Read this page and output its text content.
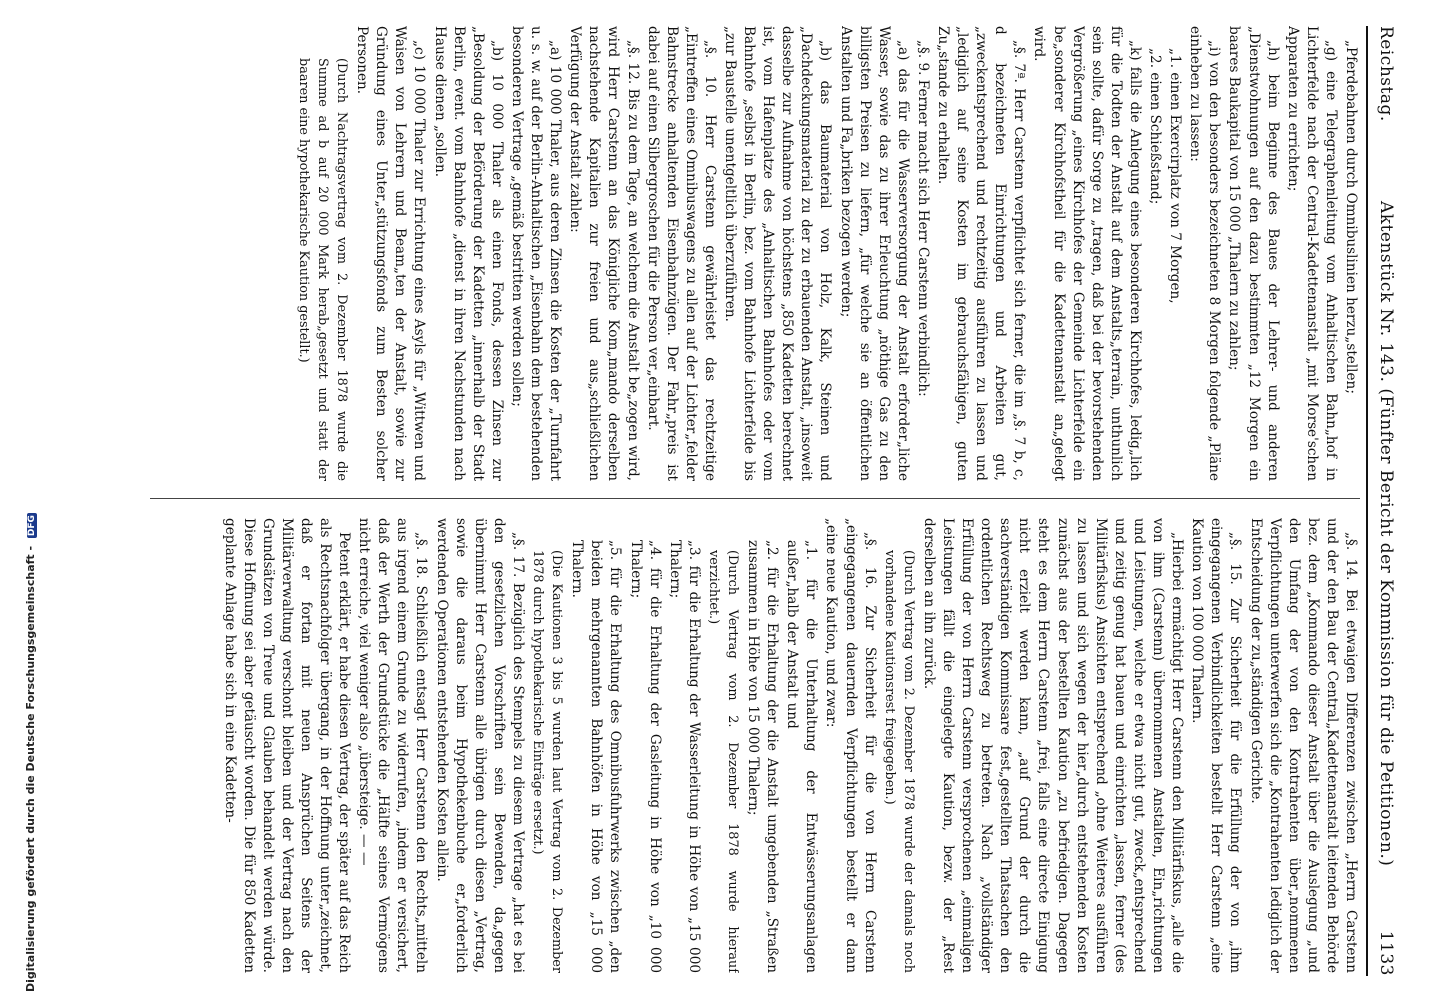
Reichstag.
Aktenstück Nr. 143. (Fünfter Bericht der Kommission für die Petitionen.)
1133

„Pferdebahnen durch Omnibuslinien herzu„stellen;

„g) eine Telegraphenleitung vom Anhaltischen Bahn„hof in Lichterfelde nach der Central-Kadettenanstalt „mit Morse'schen Apparaten zu errichten;

„h) beim Beginne des Baues der Lehrer- und anderen „Dienstwohnungen auf den dazu bestimmten „12 Morgen ein baares Baukapital von 15 000 „Thalern zu zahlen;

„i) von den besonders bezeichneten 8 Morgen folgende „Pläne einheben zu lassen:

„1. einen Exercirplatz von 7 Morgen,

„2. einen Schießstand;

„k) falls die Anlegung eines besonderen Kirchhofes, ledig„lich für die Todten der Anstalt auf dem Anstalts„terrain, unthunlich sein sollte, dafür Sorge zu „tragen, daß bei der bevorstehenden Vergrößerung „eines Kirchhofes der Gemeinde Lichterfelde ein be„sonderer Kirchhofstheil für die Kadettenanstalt an„gelegt wird.

„§. 7ª. Herr Carstenn verpflichtet sich ferner, die im „§. 7 b, c, d bezeichneten Einrichtungen und Arbeiten gut, „zweckentsprechend und rechtzeitig ausführen zu lassen und „lediglich auf seine Kosten im gebrauchsfähigen, guten Zu„stande zu erhalten.

„§. 9. Ferner macht sich Herr Carstenn verbindlich:

„a) das für die Wasserversorgung der Anstalt erforder„liche Wasser, sowie das zu ihrer Erleuchtung „nöthige Gas zu den billigsten Preisen zu liefern, „für welche sie an öffentlichen Anstalten und Fa„briken bezogen werden;

„b) das Baumaterial von Holz, Kalk, Steinen und „Dachdeckungsmaterial zu der zu erbauenden Anstalt, „insoweit dasselbe zur Aufnahme von höchstens „850 Kadetten berechnet ist, vom Hafenplatze des „Anhaltischen Bahnhofes oder vom Bahnhofe „selbst in Berlin, bez. vom Bahnhofe Lichterfelde bis „zur Baustelle unentgeltlich überzuführen.

„§. 10. Herr Carstenn gewährleistet das rechtzeitige „Eintreffen eines Omnibuswagens zu allen auf der Lichter„felder Bahnstrecke anhaltenden Eisenbahnzügen. Der Fahr„preis ist dabei auf einen Silbergroschen für die Person ver„einbart.

„§. 12. Bis zu dem Tage, an welchem die Anstalt be„zogen wird, wird Herr Carstenn an das Königliche Kom„mando derselben nachstehende Kapitalien zur freien und aus„schließlichen Verfügung der Anstalt zahlen:

„a) 10 000 Thaler, aus deren Zinsen die Kosten der „Turnfahrt u. s. w. auf der Berlin-Anhaltischen „Eisenbahn dem bestehenden besonderen Vertrage „gemäß bestritten werden sollen;

„b) 10 000 Thaler als einen Fonds, dessen Zinsen zur „Besoldung der Beförderung der Kadetten „innerhalb der Stadt Berlin, event. vom Bahnhofe „dienst in ihren Nachstunden nach Hause dienen „sollen.

„c) 10 000 Thaler zur Errichtung eines Asyls für „Wittwen und Waisen von Lehrern und Beam„ten der Anstalt, sowie zur Gründung eines Unter„stützungsfonds zum Besten solcher Personen.

(Durch Nachtragsvertrag vom 2. Dezember 1878 wurde die Summe ad b auf 20 000 Mark herab„gesetzt und statt der baaren eine hypothekarische Kaution gestellt.)

„§. 14. Bei etwaigen Differenzen zwischen „Herrn Carstenn und der den Bau der Central„Kadettenanstalt leitenden Behörde bez. dem „Kommando dieser Anstalt über die Auslegung „und den Umfang der von den Kontrahenten über„nommenen Verpflichtungen unterwerfen sich die „Kontrahenten lediglich der Entscheidung der zu„ständigen Gerichte.

„§. 15. Zur Sicherheit für die Erfüllung der von „ihm eingegangenen Verbindlichkeiten bestellt Herr Carstenn „eine Kaution von 100 000 Thalern.

„Hierbei ermächtigt Herr Carstenn den Militärfiskus, „alle die von ihm (Carstenn) übernommenen Anstalten, Ein„richtungen und Leistungen, welche er etwa nicht gut, zweck„entsprechend und zeitig genug hat bauen und einrichten „lassen, ferner (des Militärfiskus) Ansichten entsprechend „ohne Weiteres ausführen zu lassen und sich wegen der hier„durch entstehenden Kosten zunächst aus der bestellten Kaution „zu befriedigen. Dagegen steht es dem Herrn Carstenn „frei, falls eine directe Einigung nicht erzielt werden kann, „auf Grund der durch die sachverständigen Kommissare fest„gestellten Thatsachen den ordentlichen Rechtsweg zu betreten. Nach „vollständiger Erfüllung der von Herrn Carstenn versprochenen „einmaligen Leistungen fällt die eingelegte Kaution, bezw. der „Rest derselben an ihn zurück.

(Durch Vertrag vom 2. Dezember 1878 wurde der damals noch vorhandene Kautionsrest freigegeben.)

„§. 16. Zur Sicherheit für die von Herrn Carstenn „eingegangenen dauernden Verpflichtungen bestellt er dann „eine neue Kaution, und zwar:

„1. für die Unterhaltung der Entwässerungsanlagen außer„halb der Anstalt und

„2. für die Erhaltung der die Anstalt umgebenden „Straßen zusammen in Höhe von 15 000 Thalern;

(Durch Vertrag vom 2. Dezember 1878 wurde hierauf verzichtet.)

„3. für die Erhaltung der Wasserleitung in Höhe von „15 000 Thalern;

„4. für die Erhaltung der Gasleitung in Höhe von „10 000 Thalern;

„5. für die Erhaltung des Omnibusfuhrwerks zwischen „den beiden mehrgenannten Bahnhöfen in Höhe von „15 000 Thalern.

(Die Kautionen 3 bis 5 wurden laut Vertrag vom 2. Dezember 1878 durch hypothekarische Einträge ersetzt.)

„§. 17. Bezüglich des Stempels zu diesem Vertrage „hat es bei den gesetzlichen Vorschriften sein Bewenden, da„gegen übernimmt Herr Carstenn alle übrigen durch diesen „Vertrag, sowie die daraus beim Hypothekenbuche er„forderlich werdenden Operationen entstehenden Kosten allein.

„§. 18. Schließlich entsagt Herr Carstenn den Rechts„mitteln aus irgend einem Grunde zu widerrufen, „indem er versichert, daß der Werth der Grundstücke die „Hälfte seines Vermögens nicht erreiche, viel weniger also „übersteige. — —

Petent erklärt, er habe diesen Vertrag, der später auf das Reich als Rechtsnachfolger übergang, in der Hoffnung unter„zeichnet, daß er fortan mit neuen Ansprüchen Seitens der Militärverwaltung verschont bleiben und der Vertrag nach den Grundsätzen von Treue und Glauben behandelt werden würde. Diese Hoffnung sei aber getäuscht worden. Die für 850 Kadetten geplante Anlage habe sich in eine Kadetten-

Digitalisierung gefördert durch die Deutsche Forschungsgemeinschaft - DFG
